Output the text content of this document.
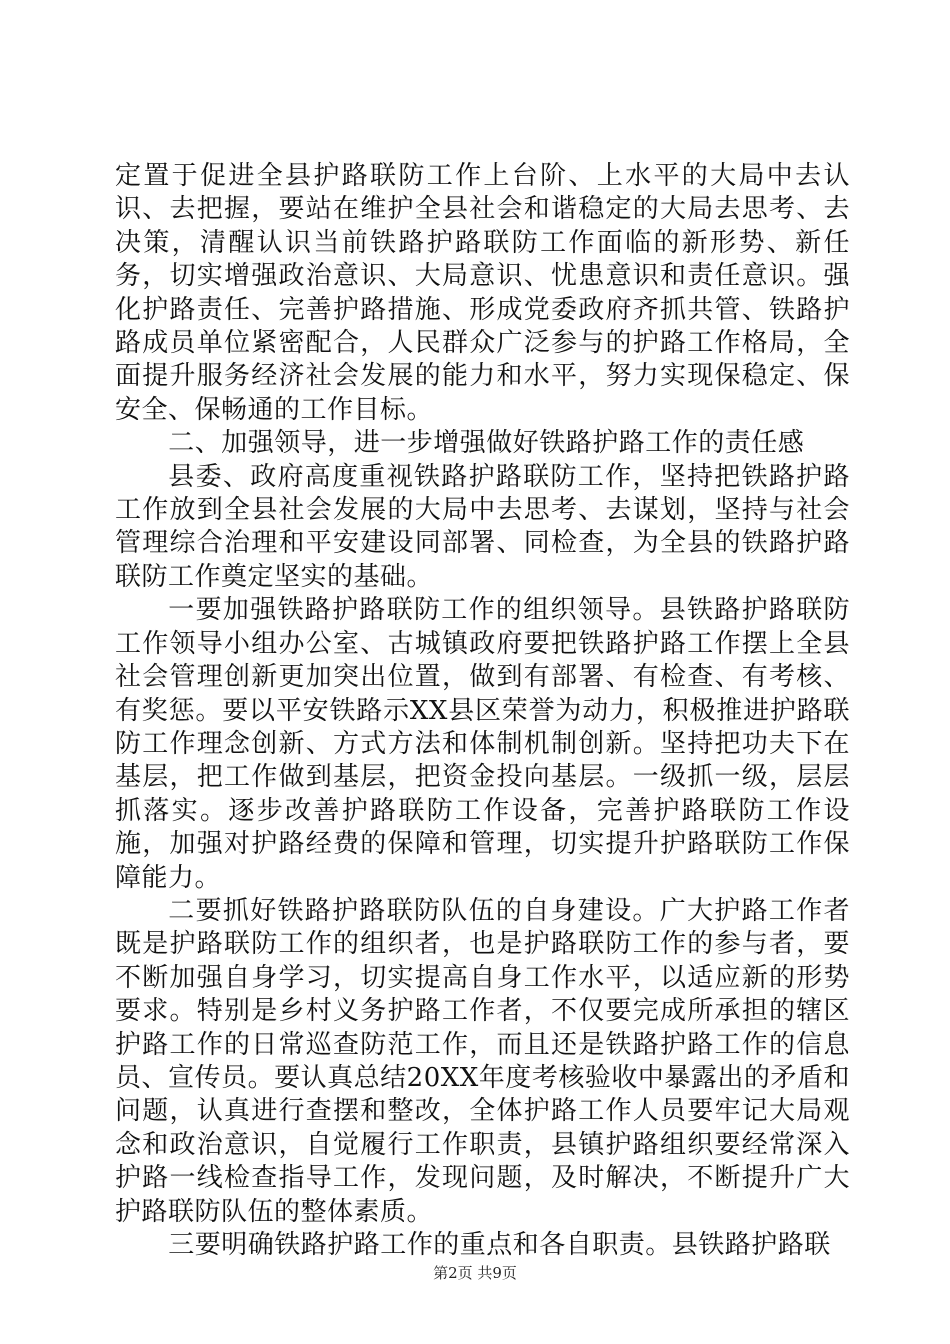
定置于促进全县护路联防工作上台阶、上水平的大局中去认识、去把握，要站在维护全县社会和谐稳定的大局去思考、去决策，清醒认识当前铁路护路联防工作面临的新形势、新任务，切实增强政治意识、大局意识、忧患意识和责任意识。强化护路责任、完善护路措施、形成党委政府齐抓共管、铁路护路成员单位紧密配合，人民群众广泛参与的护路工作格局，全面提升服务经济社会发展的能力和水平，努力实现保稳定、保安全、保畅通的工作目标。

二、加强领导，进一步增强做好铁路护路工作的责任感

县委、政府高度重视铁路护路联防工作，坚持把铁路护路工作放到全县社会发展的大局中去思考、去谋划，坚持与社会管理综合治理和平安建设同部署、同检查，为全县的铁路护路联防工作奠定坚实的基础。

一要加强铁路护路联防工作的组织领导。县铁路护路联防工作领导小组办公室、古城镇政府要把铁路护路工作摆上全县社会管理创新更加突出位置，做到有部署、有检查、有考核、有奖惩。要以平安铁路示XX县区荣誉为动力，积极推进护路联防工作理念创新、方式方法和体制机制创新。坚持把功夫下在基层，把工作做到基层，把资金投向基层。一级抓一级，层层抓落实。逐步改善护路联防工作设备，完善护路联防工作设施，加强对护路经费的保障和管理，切实提升护路联防工作保障能力。

二要抓好铁路护路联防队伍的自身建设。广大护路工作者既是护路联防工作的组织者，也是护路联防工作的参与者，要不断加强自身学习，切实提高自身工作水平，以适应新的形势要求。特别是乡村义务护路工作者，不仅要完成所承担的辖区护路工作的日常巡查防范工作，而且还是铁路护路工作的信息员、宣传员。要认真总结20XX年度考核验收中暴露出的矛盾和问题，认真进行查摆和整改，全体护路工作人员要牢记大局观念和政治意识，自觉履行工作职责，县镇护路组织要经常深入护路一线检查指导工作，发现问题，及时解决，不断提升广大护路联防队伍的整体素质。

三要明确铁路护路工作的重点和各自职责。县铁路护路联

第2页 共9页
